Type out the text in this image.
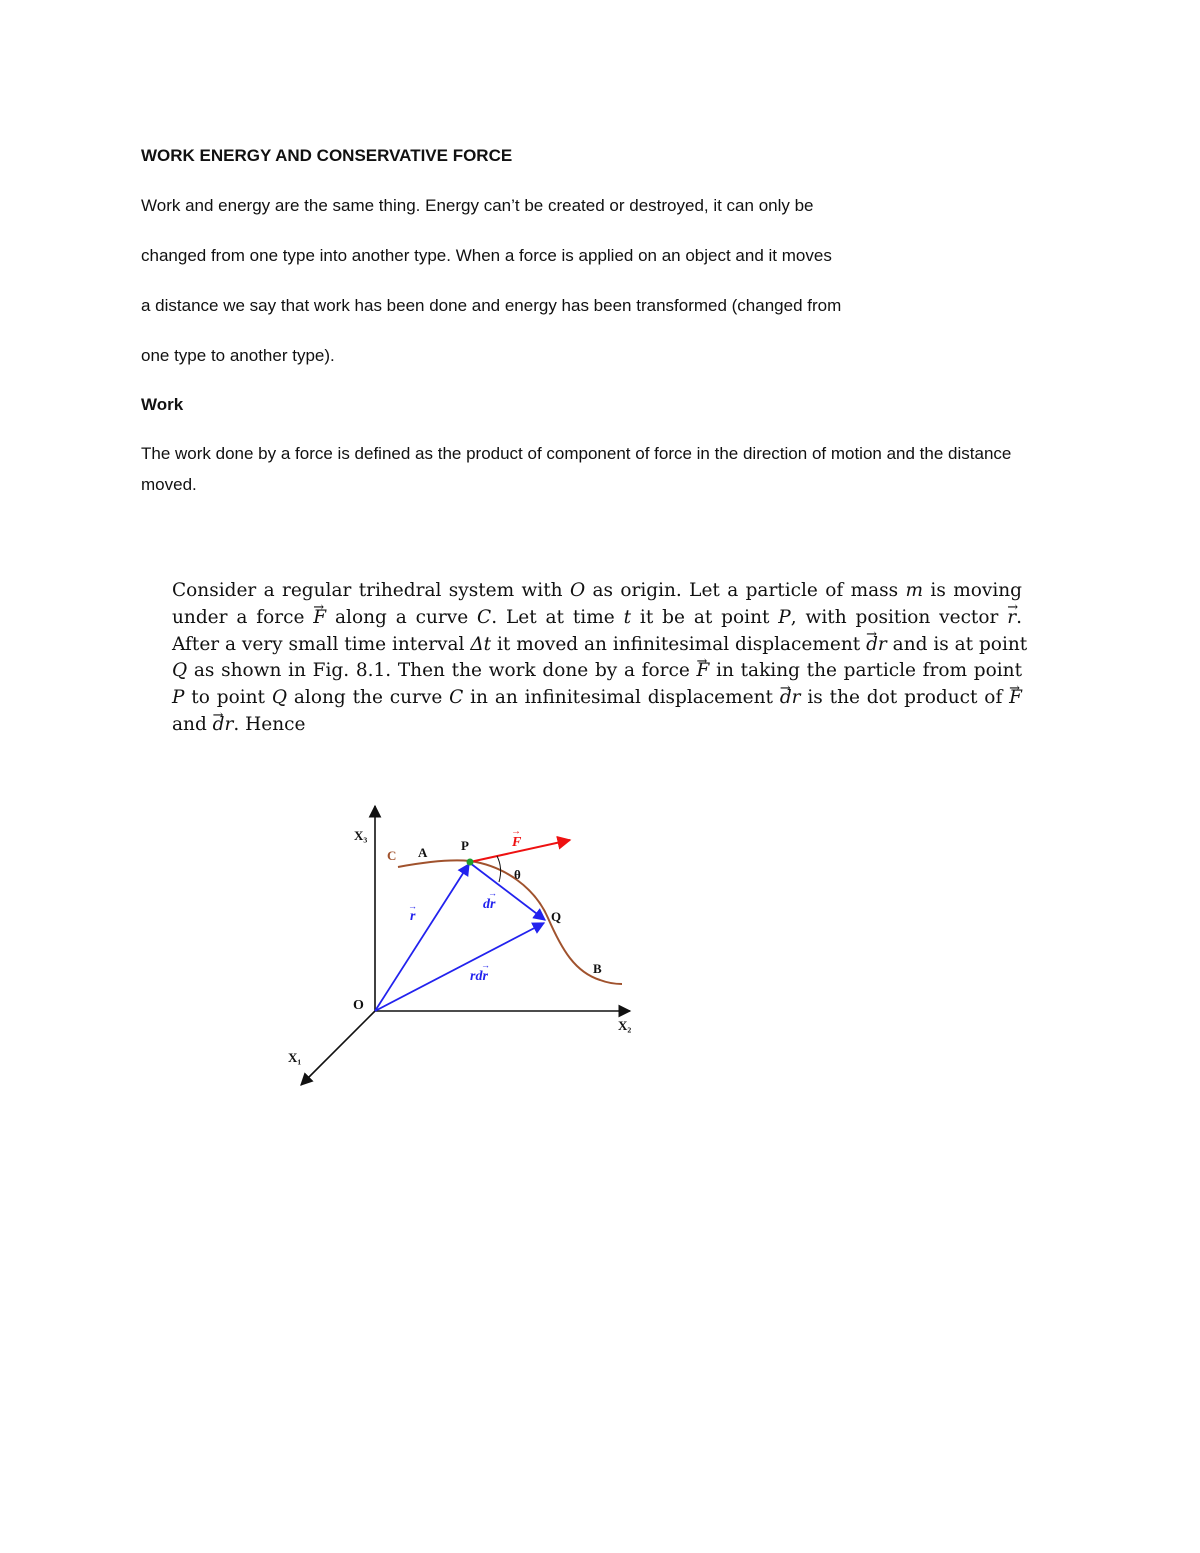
WORK ENERGY AND CONSERVATIVE FORCE
Work and energy are the same thing. Energy can’t be created or destroyed, it can only be
changed from one type into another type. When a force is applied on an object and it moves
a distance we say that work has been done and energy has been transformed (changed from
one type to another type).
Work
The work done by a force is defined as the product of component of force in the direction of motion and the distance moved.
Consider a regular trihedral system with O as origin. Let a particle of mass m is moving
under a force → F along a curve C. Let at time t it be at point P, with position vector → r.
After a very small time interval Δt it moved an infinitesimal displacement → dr and is at point
Q as shown in Fig. 8.1. Then the work done by a force → F in taking the particle from point
P to point Q along the curve C in an infinitesimal displacement → dr is the dot product of → F
and → dr. Hence
X₃
X₂
X₁
O
C A	P	F
→
θ
Q
B
r
→	dr
→
rdr
→
